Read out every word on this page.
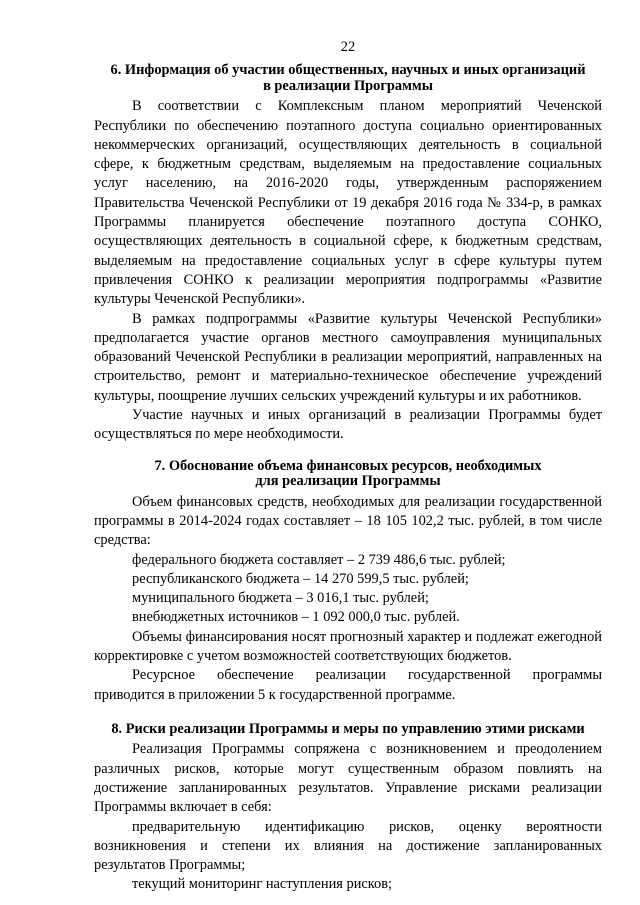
22
6. Информация об участии общественных, научных и иных организаций
в реализации Программы

В соответствии с Комплексным планом мероприятий Чеченской Республики по обеспечению поэтапного доступа социально ориентированных некоммерческих организаций, осуществляющих деятельность в социальной сфере, к бюджетным средствам, выделяемым на предоставление социальных услуг населению, на 2016-2020 годы, утвержденным распоряжением Правительства Чеченской Республики от 19 декабря 2016 года № 334-р, в рамках Программы планируется обеспечение поэтапного доступа СОНКО, осуществляющих деятельность в социальной сфере, к бюджетным средствам, выделяемым на предоставление социальных услуг в сфере культуры путем привлечения СОНКО к реализации мероприятия подпрограммы «Развитие культуры Чеченской Республики».

В рамках подпрограммы «Развитие культуры Чеченской Республики» предполагается участие органов местного самоуправления муниципальных образований Чеченской Республики в реализации мероприятий, направленных на строительство, ремонт и материально-техническое обеспечение учреждений культуры, поощрение лучших сельских учреждений культуры и их работников.

Участие научных и иных организаций в реализации Программы будет осуществляться по мере необходимости.

7. Обоснование объема финансовых ресурсов, необходимых
для реализации Программы

Объем финансовых средств, необходимых для реализации государственной программы в 2014-2024 годах составляет – 18 105 102,2 тыс. рублей, в том числе средства:

федерального бюджета составляет – 2 739 486,6 тыс. рублей;

республиканского бюджета – 14 270 599,5 тыс. рублей;

муниципального бюджета – 3 016,1 тыс. рублей;

внебюджетных источников – 1 092 000,0 тыс. рублей.

Объемы финансирования носят прогнозный характер и подлежат ежегодной корректировке с учетом возможностей соответствующих бюджетов.

Ресурсное обеспечение реализации государственной программы приводится в приложении 5 к государственной программе.

8. Риски реализации Программы и меры по управлению этими рисками

Реализация Программы сопряжена с возникновением и преодолением различных рисков, которые могут существенным образом повлиять на достижение запланированных результатов. Управление рисками реализации Программы включает в себя:

предварительную идентификацию рисков, оценку вероятности возникновения и степени их влияния на достижение запланированных результатов Программы;

текущий мониторинг наступления рисков;
